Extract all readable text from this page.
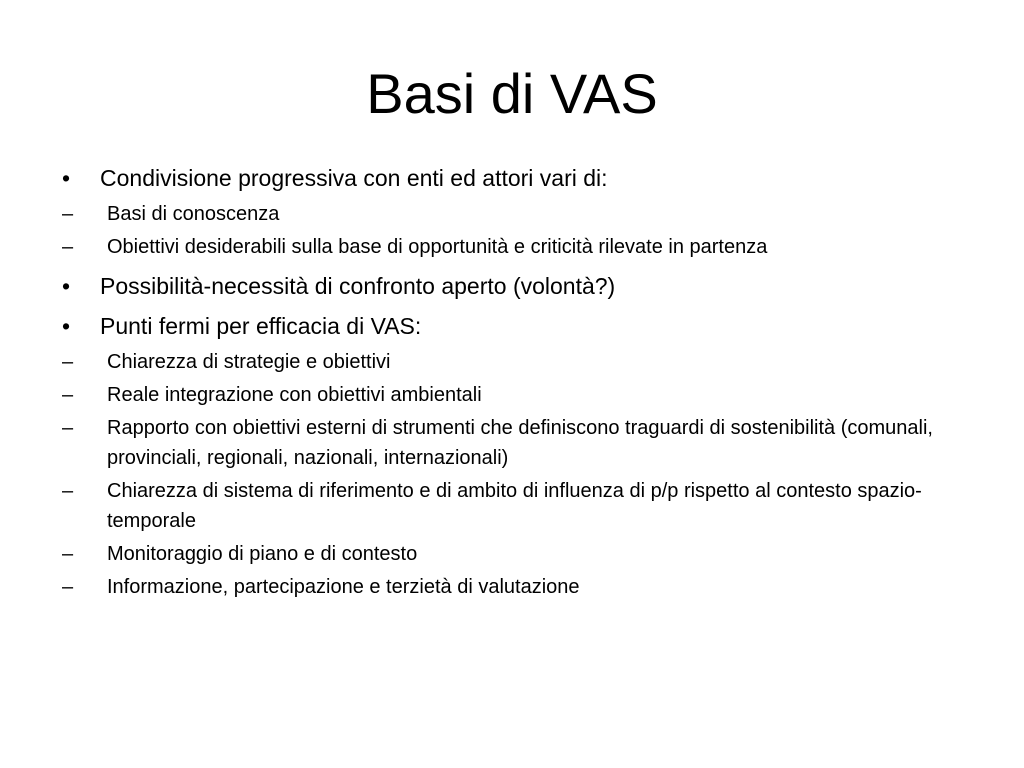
Basi di VAS
•	Condivisione progressiva con enti ed attori vari di:
–	Basi di conoscenza
–	Obiettivi desiderabili sulla base di opportunità e criticità rilevate in partenza
•	Possibilità-necessità di confronto aperto (volontà?)
•	Punti fermi per efficacia di VAS:
–	Chiarezza di strategie e obiettivi
–	Reale integrazione con obiettivi ambientali
–	Rapporto con obiettivi esterni di strumenti che definiscono traguardi di sostenibilità (comunali, provinciali, regionali, nazionali, internazionali)
–	Chiarezza di sistema di riferimento e di ambito di influenza di p/p rispetto al contesto spazio-temporale
–	Monitoraggio di piano e di contesto
–	Informazione, partecipazione e terzietà di valutazione
